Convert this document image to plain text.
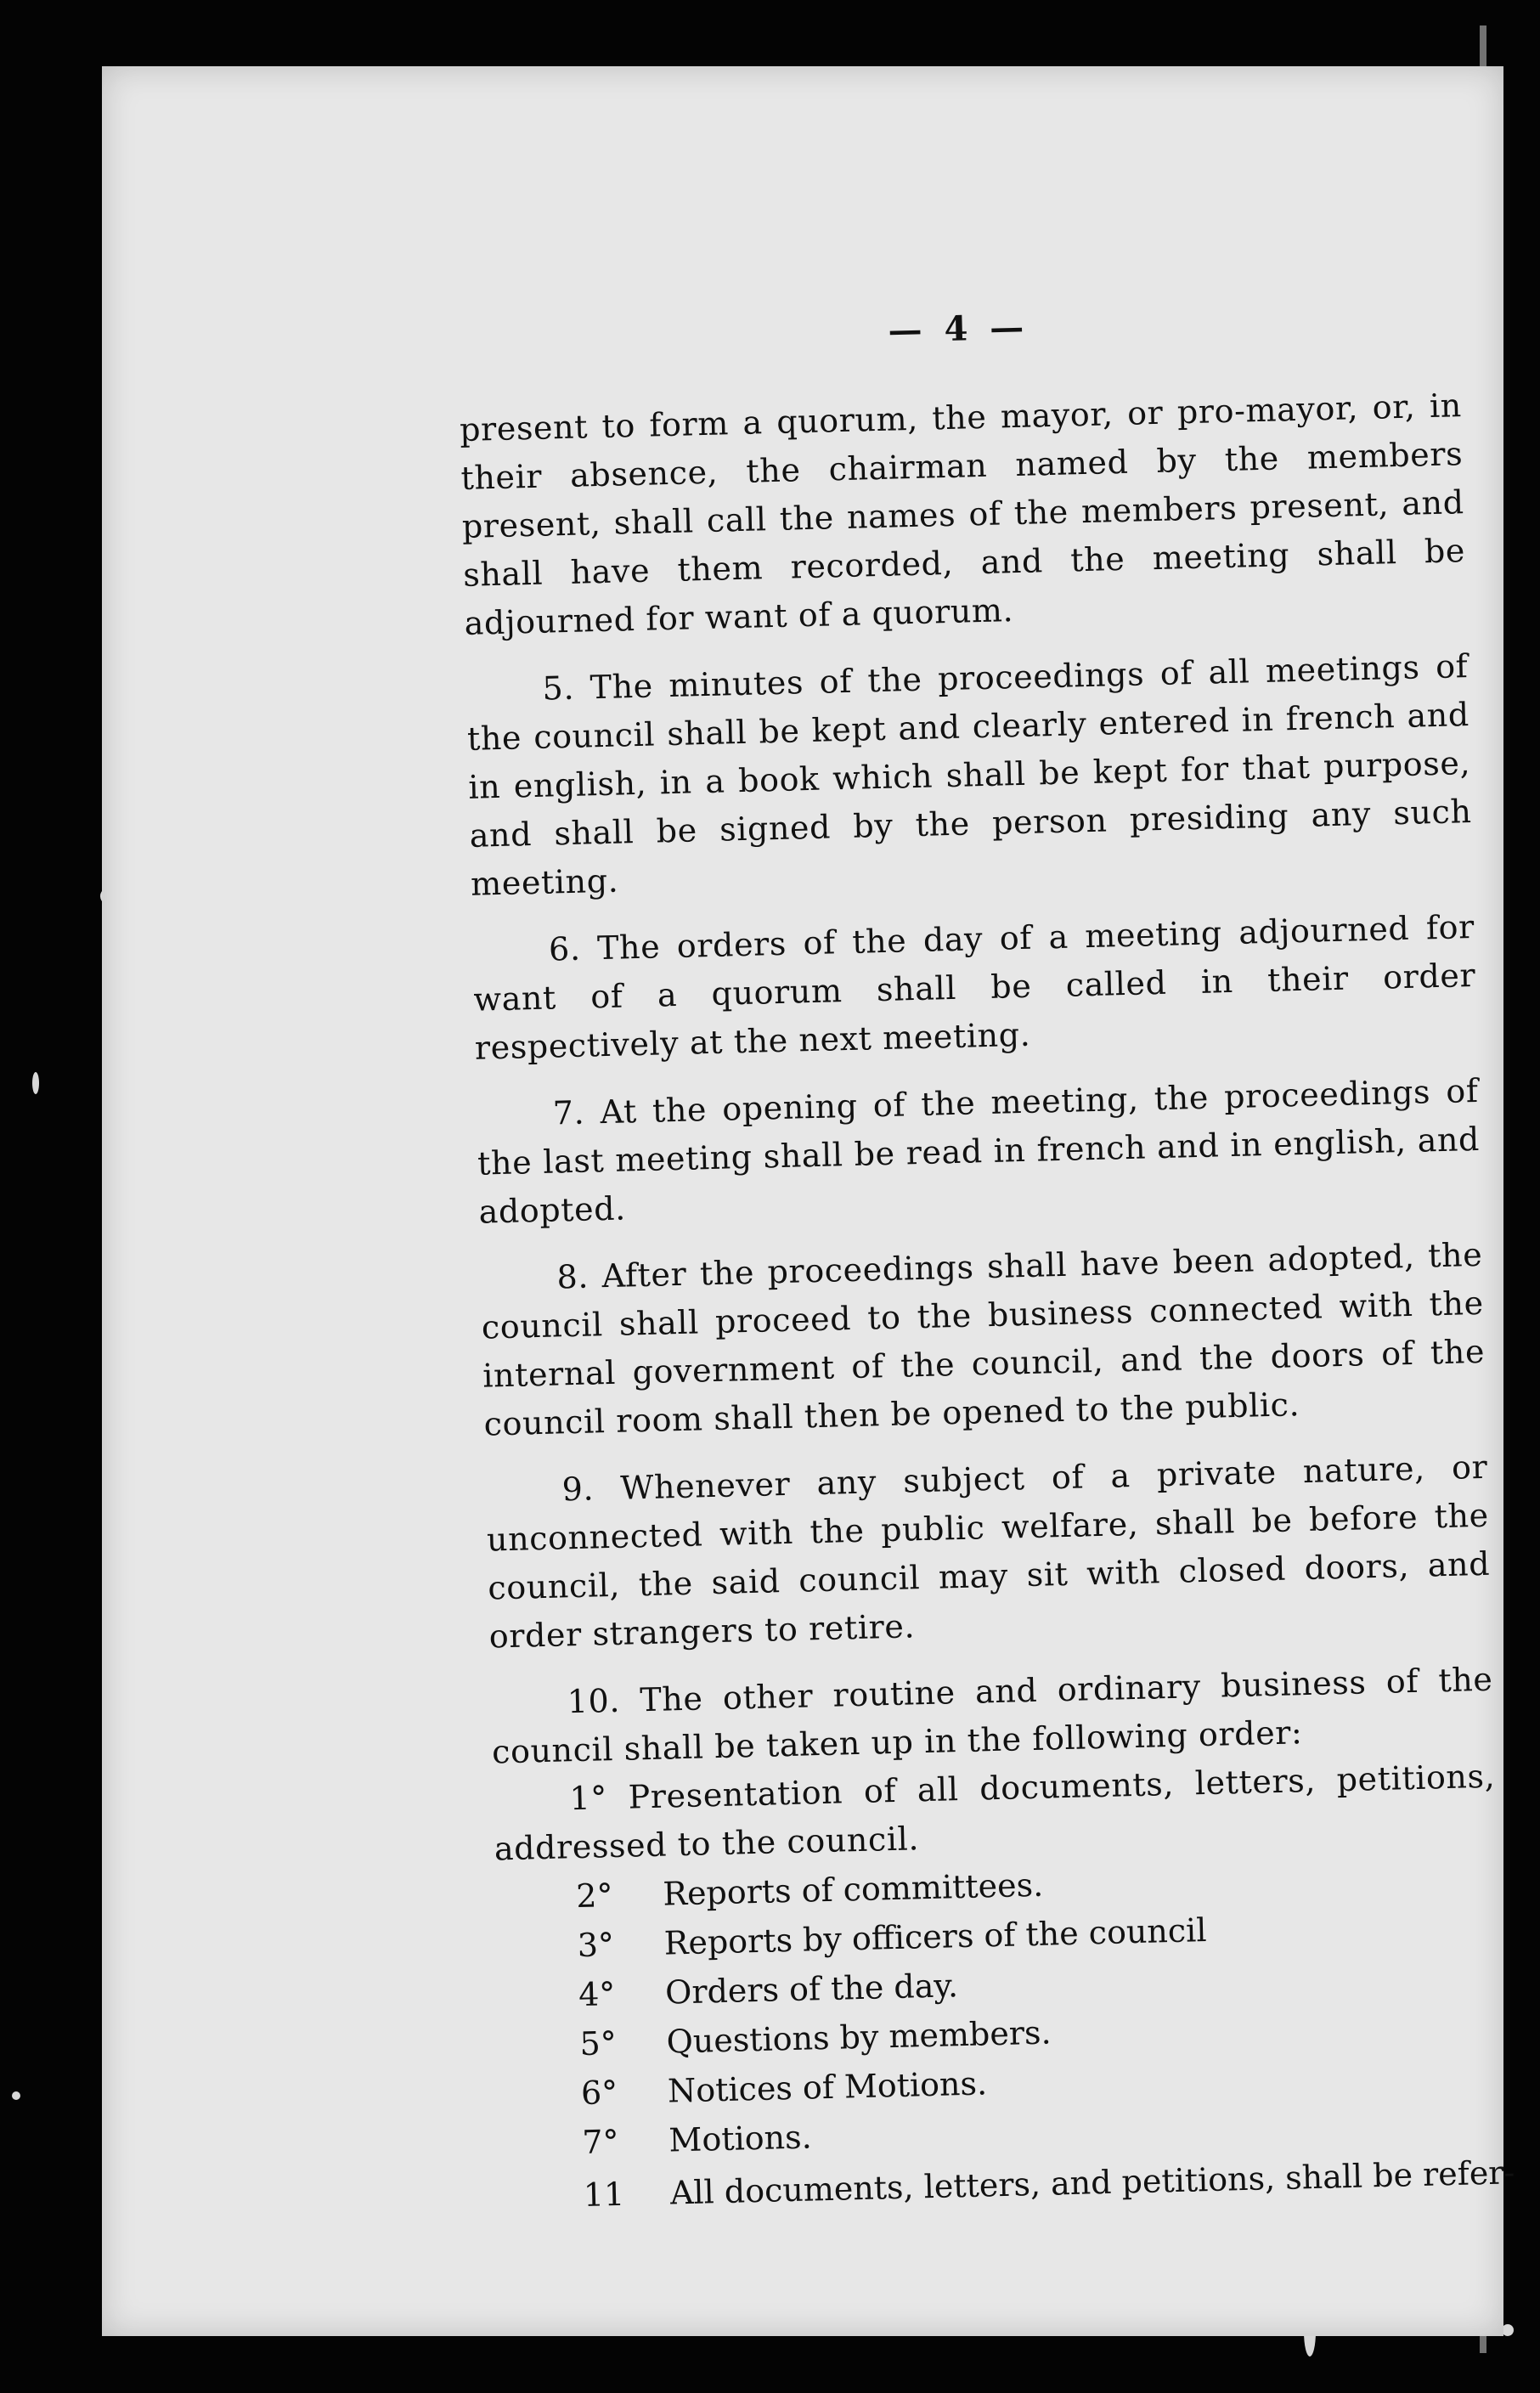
— 4 —

present to form a quorum, the mayor, or pro-mayor, or, in their absence, the chairman named by the members present, shall call the names of the members present, and shall have them recorded, and the meeting shall be adjourned for want of a quorum.

5. The minutes of the proceedings of all meetings of the council shall be kept and clearly entered in french and in english, in a book which shall be kept for that purpose, and shall be signed by the person presiding any such meeting.

6. The orders of the day of a meeting adjourned for want of a quorum shall be called in their order respectively at the next meeting.

7. At the opening of the meeting, the proceedings of the last meeting shall be read in french and in english, and adopted.

8. After the proceedings shall have been adopted, the council shall proceed to the business connected with the internal government of the council, and the doors of the council room shall then be opened to the public.

9. Whenever any subject of a private nature, or unconnected with the public welfare, shall be before the council, the said council may sit with closed doors, and order strangers to retire.

10. The other routine and ordinary business of the council shall be taken up in the following order:

1° Presentation of all documents, letters, petitions, addressed to the council.

2° Reports of committees.
3° Reports by officers of the council
4° Orders of the day.
5° Questions by members.
6° Notices of Motions.
7° Motions.
11 All documents, letters, and petitions, shall be refer-
